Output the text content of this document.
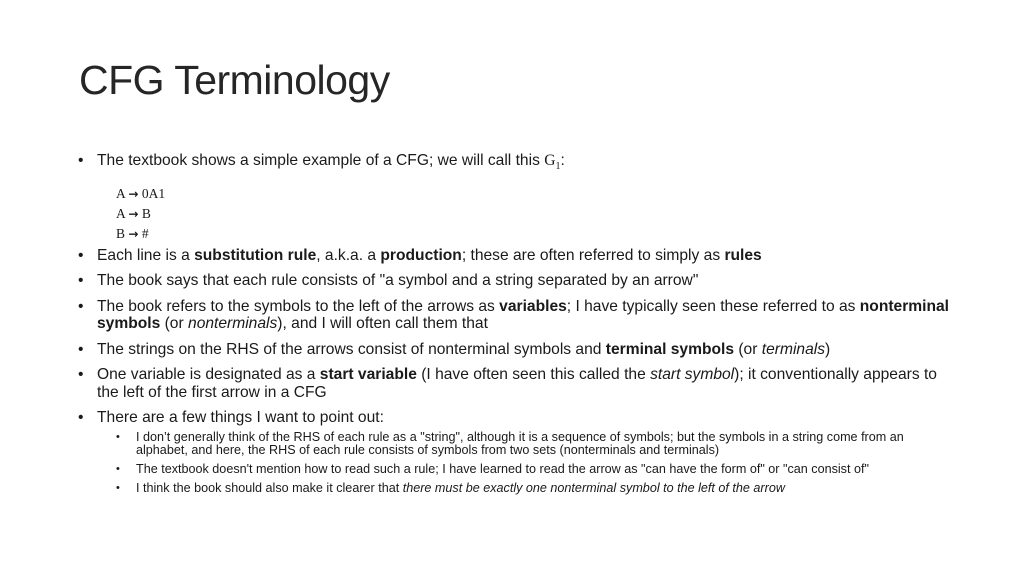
CFG Terminology
• The textbook shows a simple example of a CFG; we will call this $G_1$:
A → 0A1
A → B
B → #
• Each line is a substitution rule, a.k.a. a production; these are often referred to simply as rules
• The book says that each rule consists of "a symbol and a string separated by an arrow"
• The book refers to the symbols to the left of the arrows as variables; I have typically seen these referred to as nonterminal symbols (or nonterminals), and I will often call them that
• The strings on the RHS of the arrows consist of nonterminal symbols and terminal symbols (or terminals)
• One variable is designated as a start variable (I have often seen this called the start symbol); it conventionally appears to the left of the first arrow in a CFG
• There are a few things I want to point out:
• I don’t generally think of the RHS of each rule as a "string", although it is a sequence of symbols; but the symbols in a string come from an alphabet, and here, the RHS of each rule consists of symbols from two sets (nonterminals and terminals)
• The textbook doesn't mention how to read such a rule; I have learned to read the arrow as "can have the form of" or "can consist of"
• I think the book should also make it clearer that there must be exactly one nonterminal symbol to the left of the arrow
